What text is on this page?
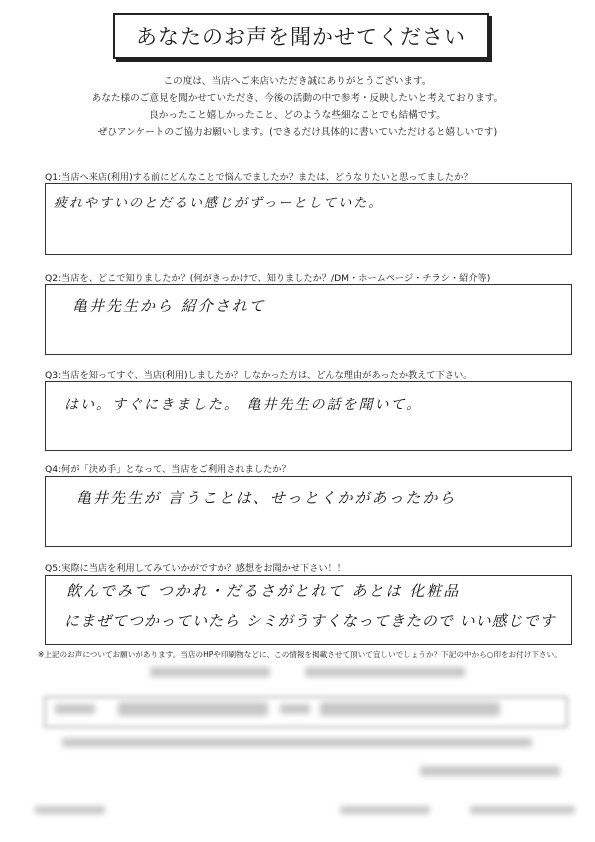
あなたのお声を聞かせてください
この度は、当店へご来店いただき誠にありがとうございます。
あなた様のご意見を聞かせていただき、今後の活動の中で参考・反映したいと考えております。
良かったこと嬉しかったこと、どのような些細なことでも結構です。
ぜひアンケートのご協力お願いします。(できるだけ具体的に書いていただけると嬉しいです)
Q1:当店へ来店(利用)する前にどんなことで悩んでましたか？または、どうなりたいと思ってましたか？
疲れやすいのとだるい感じがずっーとしていた。
Q2:当店を、どこで知りましたか？(何がきっかけで、知りましたか？/DM・ホームページ・チラシ・紹介等)
亀井先生から 紹介されて
Q3:当店を知ってすぐ、当店(利用)しましたか？しなかった方は、どんな理由があったか教えて下さい。
はい。すぐにきました。 亀井先生の話を聞いて。
Q4:何が「決め手」となって、当店をご利用されましたか？
亀井先生が 言うことは、せっとくかがあったから
Q5:実際に当店を利用してみていかがですか？感想をお聞かせ下さい！！
飲んでみて つかれ・だるさがとれて あとは 化粧品
にまぜてつかっていたら シミがうすくなってきたので いい感じです
※上記のお声についてお願いがあります。当店のHPや印刷物などに、この情報を掲載させて頂いて宜しいでしょうか？下記の中から○印をお付け下さい。
